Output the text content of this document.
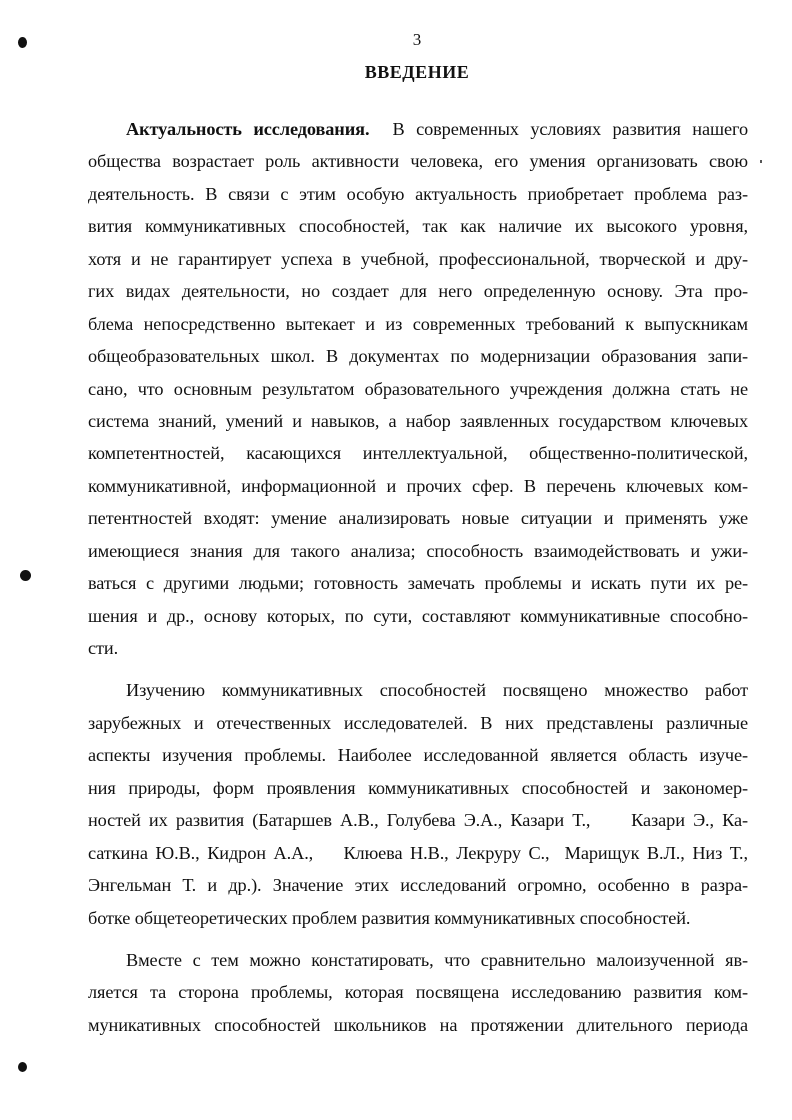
3
ВВЕДЕНИЕ
Актуальность исследования. В современных условиях развития нашего
общества возрастает роль активности человека, его умения организовать свою
деятельность. В связи с этим особую актуальность приобретает проблема раз-
вития коммуникативных способностей, так как наличие их высокого уровня,
хотя и не гарантирует успеха в учебной, профессиональной, творческой и дру-
гих видах деятельности, но создает для него определенную основу. Эта про-
блема непосредственно вытекает и из современных требований к выпускникам
общеобразовательных школ. В документах по модернизации образования запи-
сано, что основным результатом образовательного учреждения должна стать не
система знаний, умений и навыков, а набор заявленных государством ключевых
компетентностей, касающихся интеллектуальной, общественно-политической,
коммуникативной, информационной и прочих сфер. В перечень ключевых ком-
петентностей входят: умение анализировать новые ситуации и применять уже
имеющиеся знания для такого анализа; способность взаимодействовать и ужи-
ваться с другими людьми; готовность замечать проблемы и искать пути их ре-
шения и др., основу которых, по сути, составляют коммуникативные способно-
сти.
Изучению коммуникативных способностей посвящено множество работ
зарубежных и отечественных исследователей. В них представлены различные
аспекты изучения проблемы. Наиболее исследованной является область изуче-
ния природы, форм проявления коммуникативных способностей и закономер-
ностей их развития (Батаршев А.В., Голубева Э.А., Казари Т.,     Казари Э., Ка-
саткина Ю.В., Кидрон А.А.,    Клюева Н.В., Лекруру С.,  Марищук В.Л., Низ Т.,
Энгельман Т. и др.). Значение этих исследований огромно, особенно в разра-
ботке общетеоретических проблем развития коммуникативных способностей.
Вместе с тем можно констатировать, что сравнительно малоизученной яв-
ляется та сторона проблемы, которая посвящена исследованию развития ком-
муникативных способностей школьников на протяжении длительного периода
